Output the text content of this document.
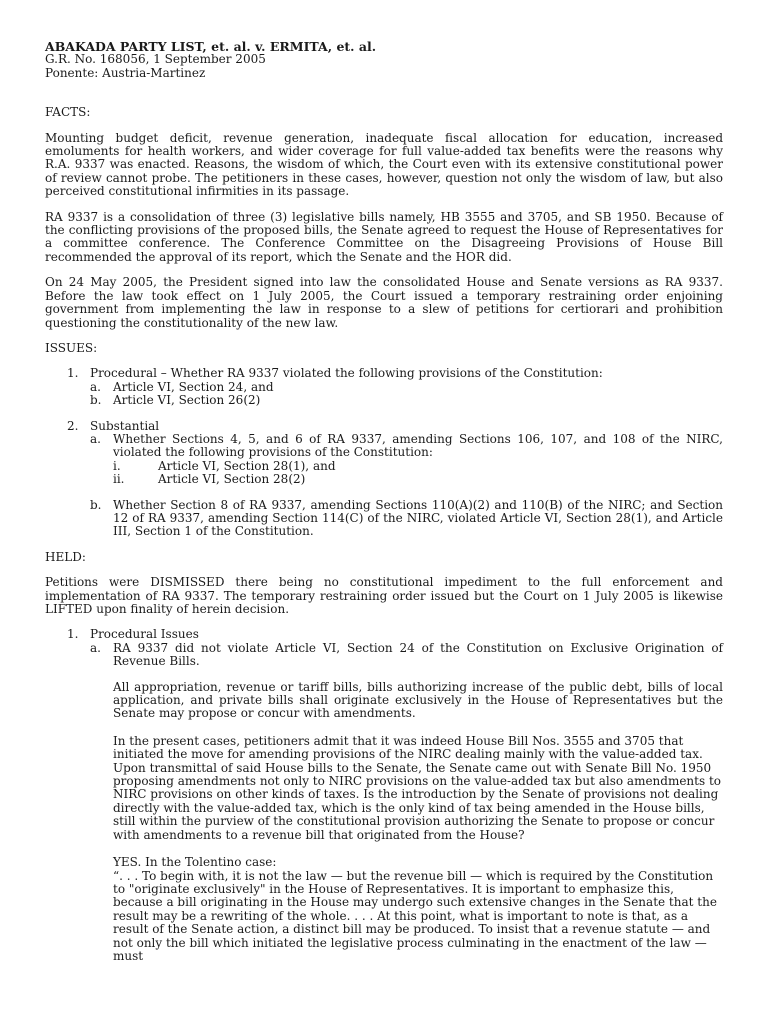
ABAKADA PARTY LIST, et. al. v. ERMITA, et. al.
G.R. No. 168056, 1 September 2005
Ponente: Austria-Martinez
FACTS:

Mounting budget deficit, revenue generation, inadequate fiscal allocation for education, increased emoluments for health workers, and wider coverage for full value-added tax benefits were the reasons why R.A. 9337 was enacted. Reasons, the wisdom of which, the Court even with its extensive constitutional power of review cannot probe. The petitioners in these cases, however, question not only the wisdom of law, but also perceived constitutional infirmities in its passage.

RA 9337 is a consolidation of three (3) legislative bills namely, HB 3555 and 3705, and SB 1950. Because of the conflicting provisions of the proposed bills, the Senate agreed to request the House of Representatives for a committee conference. The Conference Committee on the Disagreeing Provisions of House Bill recommended the approval of its report, which the Senate and the HOR did.

On 24 May 2005, the President signed into law the consolidated House and Senate versions as RA 9337. Before the law took effect on 1 July 2005, the Court issued a temporary restraining order enjoining government from implementing the law in response to a slew of petitions for certiorari and prohibition questioning the constitutionality of the new law.

ISSUES:
1. Procedural – Whether RA 9337 violated the following provisions of the Constitution:
a. Article VI, Section 24, and
b. Article VI, Section 26(2)
2. Substantial
a. Whether Sections 4, 5, and 6 of RA 9337, amending Sections 106, 107, and 108 of the NIRC, violated the following provisions of the Constitution:
i.	Article VI, Section 28(1), and
ii.	Article VI, Section 28(2)
b. Whether Section 8 of RA 9337, amending Sections 110(A)(2) and 110(B) of the NIRC; and Section 12 of RA 9337, amending Section 114(C) of the NIRC, violated Article VI, Section 28(1), and Article III, Section 1 of the Constitution.
HELD:

Petitions were DISMISSED there being no constitutional impediment to the full enforcement and implementation of RA 9337. The temporary restraining order issued but the Court on 1 July 2005 is likewise LIFTED upon finality of herein decision.

1. Procedural Issues
a. RA 9337 did not violate Article VI, Section 24 of the Constitution on Exclusive Origination of Revenue Bills.
All appropriation, revenue or tariff bills, bills authorizing increase of the public debt, bills of local application, and private bills shall originate exclusively in the House of Representatives but the Senate may propose or concur with amendments.
In the present cases, petitioners admit that it was indeed House Bill Nos. 3555 and 3705 that initiated the move for amending provisions of the NIRC dealing mainly with the value-added tax. Upon transmittal of said House bills to the Senate, the Senate came out with Senate Bill No. 1950 proposing amendments not only to NIRC provisions on the value-added tax but also amendments to NIRC provisions on other kinds of taxes. Is the introduction by the Senate of provisions not dealing directly with the value-added tax, which is the only kind of tax being amended in the House bills, still within the purview of the constitutional provision authorizing the Senate to propose or concur with amendments to a revenue bill that originated from the House?
YES. In the Tolentino case:
“. . . To begin with, it is not the law — but the revenue bill — which is required by the Constitution to "originate exclusively" in the House of Representatives. It is important to emphasize this, because a bill originating in the House may undergo such extensive changes in the Senate that the result may be a rewriting of the whole. . . . At this point, what is important to note is that, as a result of the Senate action, a distinct bill may be produced. To insist that a revenue statute — and not only the bill which initiated the legislative process culminating in the enactment of the law — must
